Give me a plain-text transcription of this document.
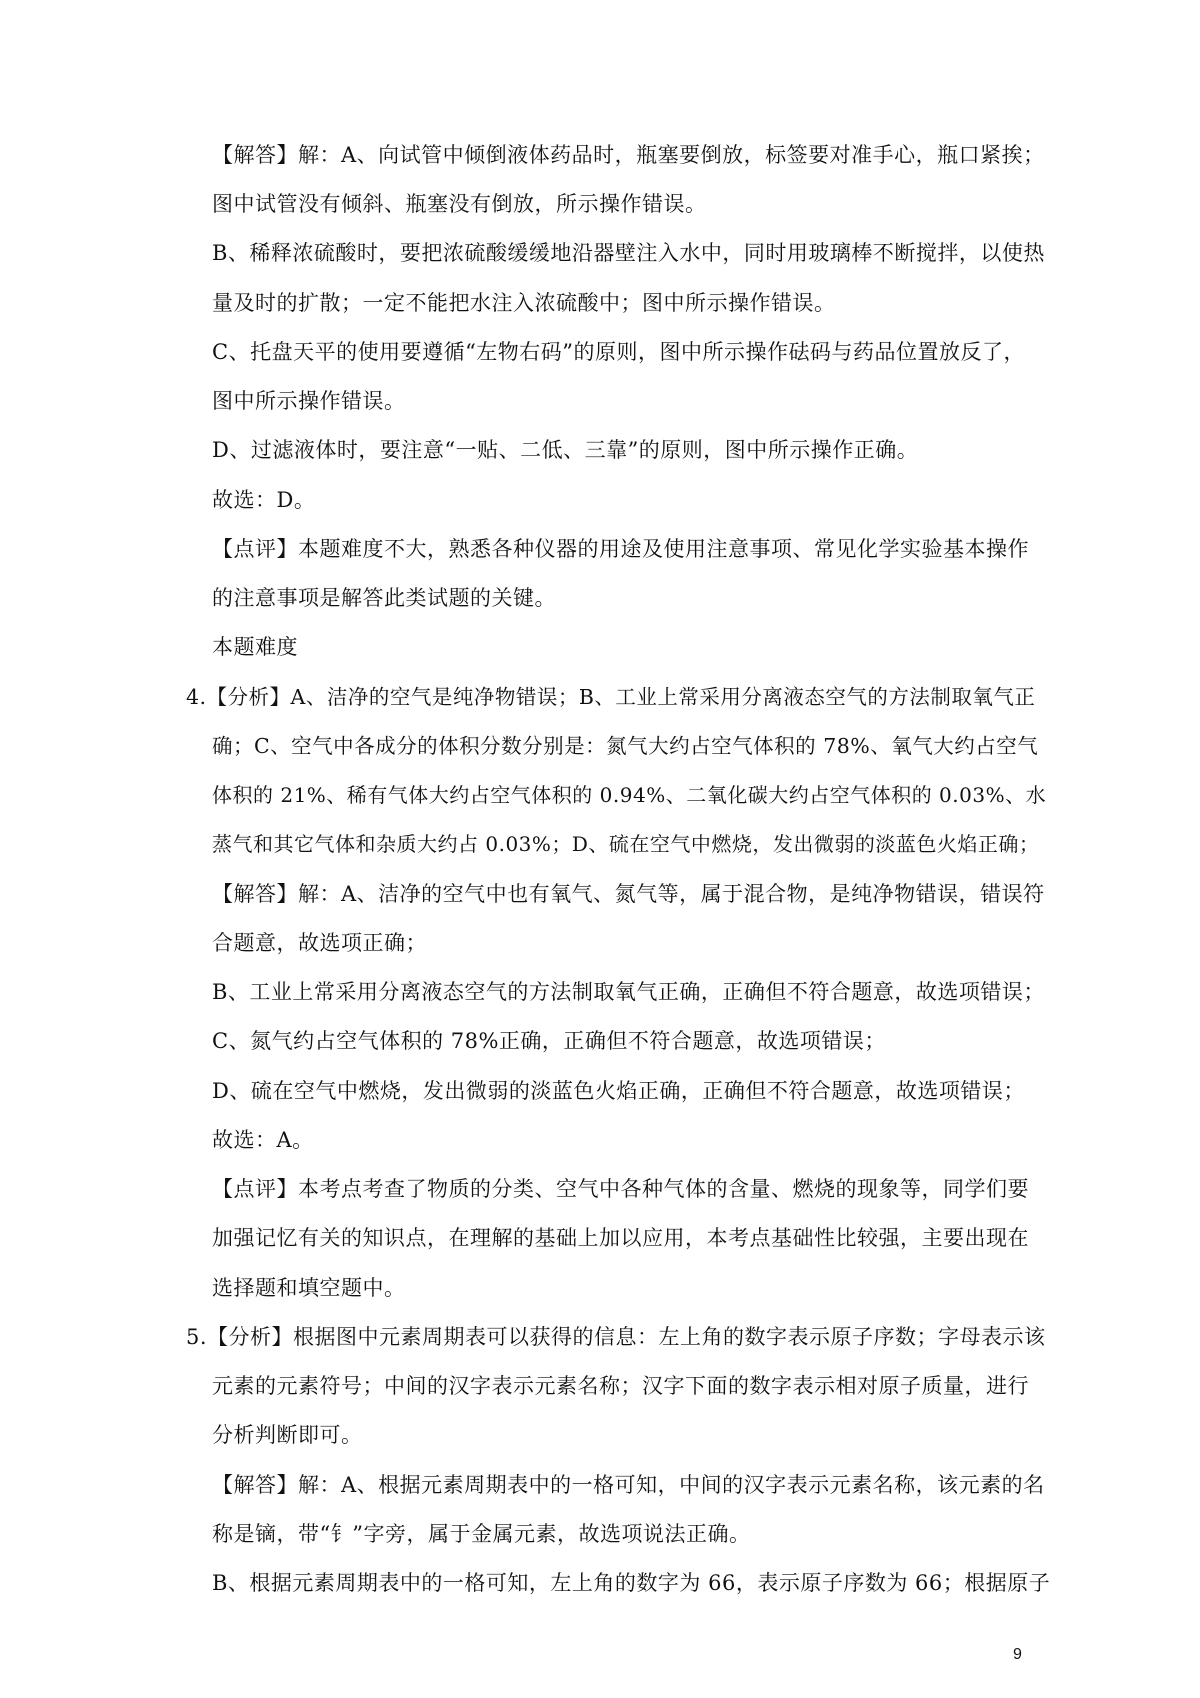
【解答】解：A、向试管中倾倒液体药品时，瓶塞要倒放，标签要对准手心，瓶口紧挨；
图中试管没有倾斜、瓶塞没有倒放，所示操作错误。
B、稀释浓硫酸时，要把浓硫酸缓缓地沿器壁注入水中，同时用玻璃棒不断搅拌，以使热
量及时的扩散；一定不能把水注入浓硫酸中；图中所示操作错误。
C、托盘天平的使用要遵循“左物右码”的原则，图中所示操作砝码与药品位置放反了，
图中所示操作错误。
D、过滤液体时，要注意“一贴、二低、三靠”的原则，图中所示操作正确。
故选：D。
【点评】本题难度不大，熟悉各种仪器的用途及使用注意事项、常见化学实验基本操作
的注意事项是解答此类试题的关键。
本题难度
4.【分析】A、洁净的空气是纯净物错误；B、工业上常采用分离液态空气的方法制取氧气正
确；C、空气中各成分的体积分数分别是：氮气大约占空气体积的 78%、氧气大约占空气
体积的 21%、稀有气体大约占空气体积的 0.94%、二氧化碳大约占空气体积的 0.03%、水
蒸气和其它气体和杂质大约占 0.03%；D、硫在空气中燃烧，发出微弱的淡蓝色火焰正确；
【解答】解：A、洁净的空气中也有氧气、氮气等，属于混合物，是纯净物错误，错误符
合题意，故选项正确；
B、工业上常采用分离液态空气的方法制取氧气正确，正确但不符合题意，故选项错误；
C、氮气约占空气体积的 78%正确，正确但不符合题意，故选项错误；
D、硫在空气中燃烧，发出微弱的淡蓝色火焰正确，正确但不符合题意，故选项错误；
故选：A。
【点评】本考点考查了物质的分类、空气中各种气体的含量、燃烧的现象等，同学们要
加强记忆有关的知识点，在理解的基础上加以应用，本考点基础性比较强，主要出现在
选择题和填空题中。
5.【分析】根据图中元素周期表可以获得的信息：左上角的数字表示原子序数；字母表示该
元素的元素符号；中间的汉字表示元素名称；汉字下面的数字表示相对原子质量，进行
分析判断即可。
【解答】解：A、根据元素周期表中的一格可知，中间的汉字表示元素名称，该元素的名
称是镝，带“钅”字旁，属于金属元素，故选项说法正确。
B、根据元素周期表中的一格可知，左上角的数字为 66，表示原子序数为 66；根据原子
9
